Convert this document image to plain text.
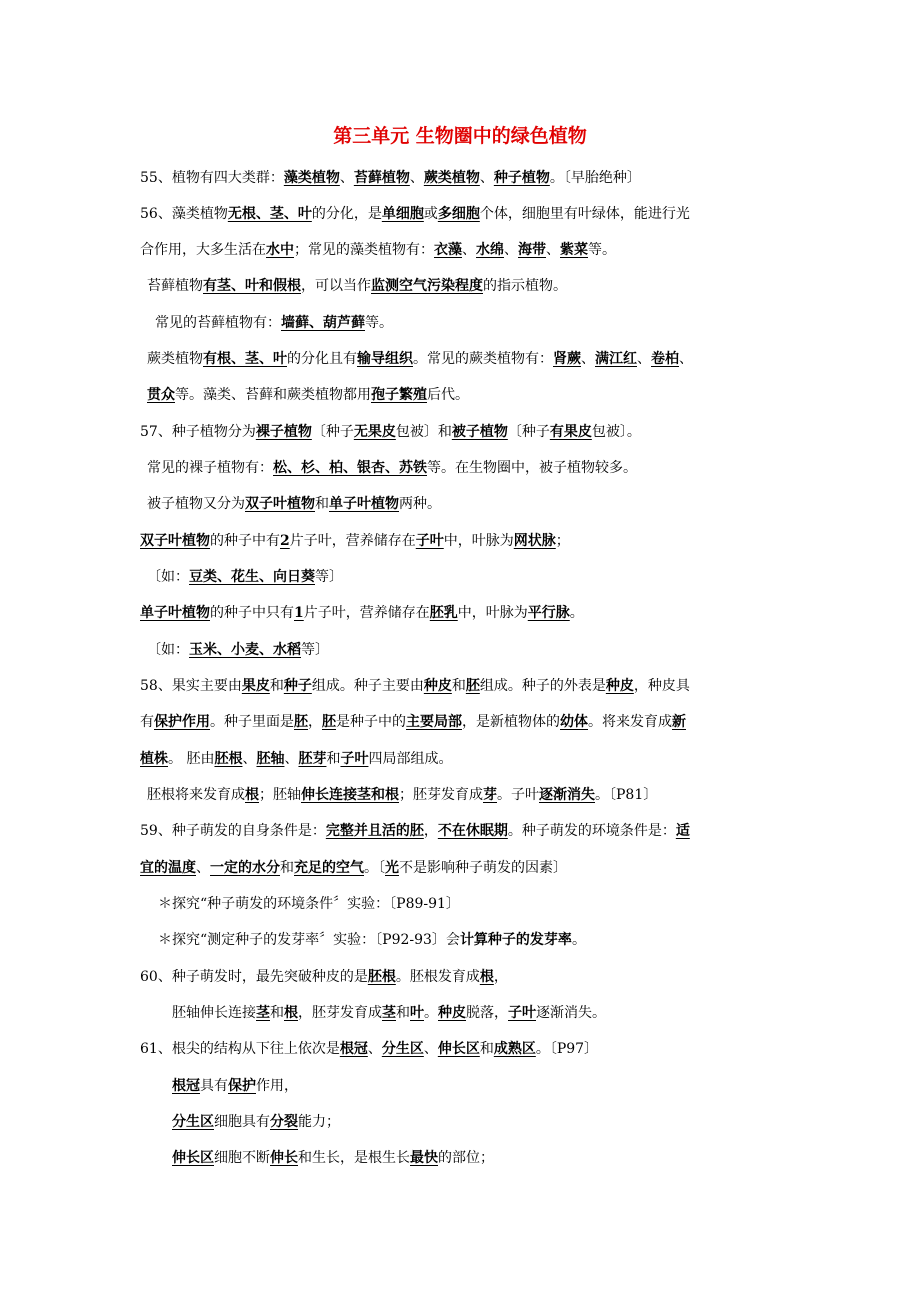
第三单元 生物圈中的绿色植物
55、植物有四大类群：藻类植物、苔藓植物、蕨类植物、种子植物。〔早胎绝种〕
56、藻类植物无根、茎、叶的分化，是单细胞或多细胞个体，细胞里有叶绿体，能进行光
合作用，大多生活在水中；常见的藻类植物有：衣藻、水绵、海带、紫菜等。
苔藓植物有茎、叶和假根，可以当作监测空气污染程度的指示植物。
常见的苔藓植物有：墙藓、葫芦藓等。
蕨类植物有根、茎、叶的分化且有输导组织。常见的蕨类植物有：肾蕨、满江红、卷柏、
贯众等。藻类、苔藓和蕨类植物都用孢子繁殖后代。
57、种子植物分为裸子植物〔种子无果皮包被〕和被子植物〔种子有果皮包被〕。
常见的裸子植物有：松、杉、柏、银杏、苏铁等。在生物圈中，被子植物较多。
被子植物又分为双子叶植物和单子叶植物两种。
双子叶植物的种子中有2片子叶，营养储存在子叶中，叶脉为网状脉；
〔如：豆类、花生、向日葵等〕
单子叶植物的种子中只有1片子叶，营养储存在胚乳中，叶脉为平行脉。
〔如：玉米、小麦、水稻等〕
58、果实主要由果皮和种子组成。种子主要由种皮和胚组成。种子的外表是种皮，种皮具
有保护作用。种子里面是胚，胚是种子中的主要局部，是新植物体的幼体。将来发育成新
植株。 胚由胚根、胚轴、胚芽和子叶四局部组成。
胚根将来发育成根；胚轴伸长连接茎和根；胚芽发育成芽。子叶逐渐消失。〔P81〕
59、种子萌发的自身条件是：完整并且活的胚，不在休眠期。种子萌发的环境条件是：适
宜的温度、一定的水分和充足的空气。〔光不是影响种子萌发的因素〕
＊探究“种子萌发的环境条件〞实验：〔P89-91〕
＊探究“测定种子的发芽率〞实验：〔P92-93〕会计算种子的发芽率。
60、种子萌发时，最先突破种皮的是胚根。胚根发育成根，
胚轴伸长连接茎和根，胚芽发育成茎和叶。种皮脱落，子叶逐渐消失。
61、根尖的结构从下往上依次是根冠、分生区、伸长区和成熟区。〔P97〕
根冠具有保护作用，
分生区细胞具有分裂能力；
伸长区细胞不断伸长和生长，是根生长最快的部位；
